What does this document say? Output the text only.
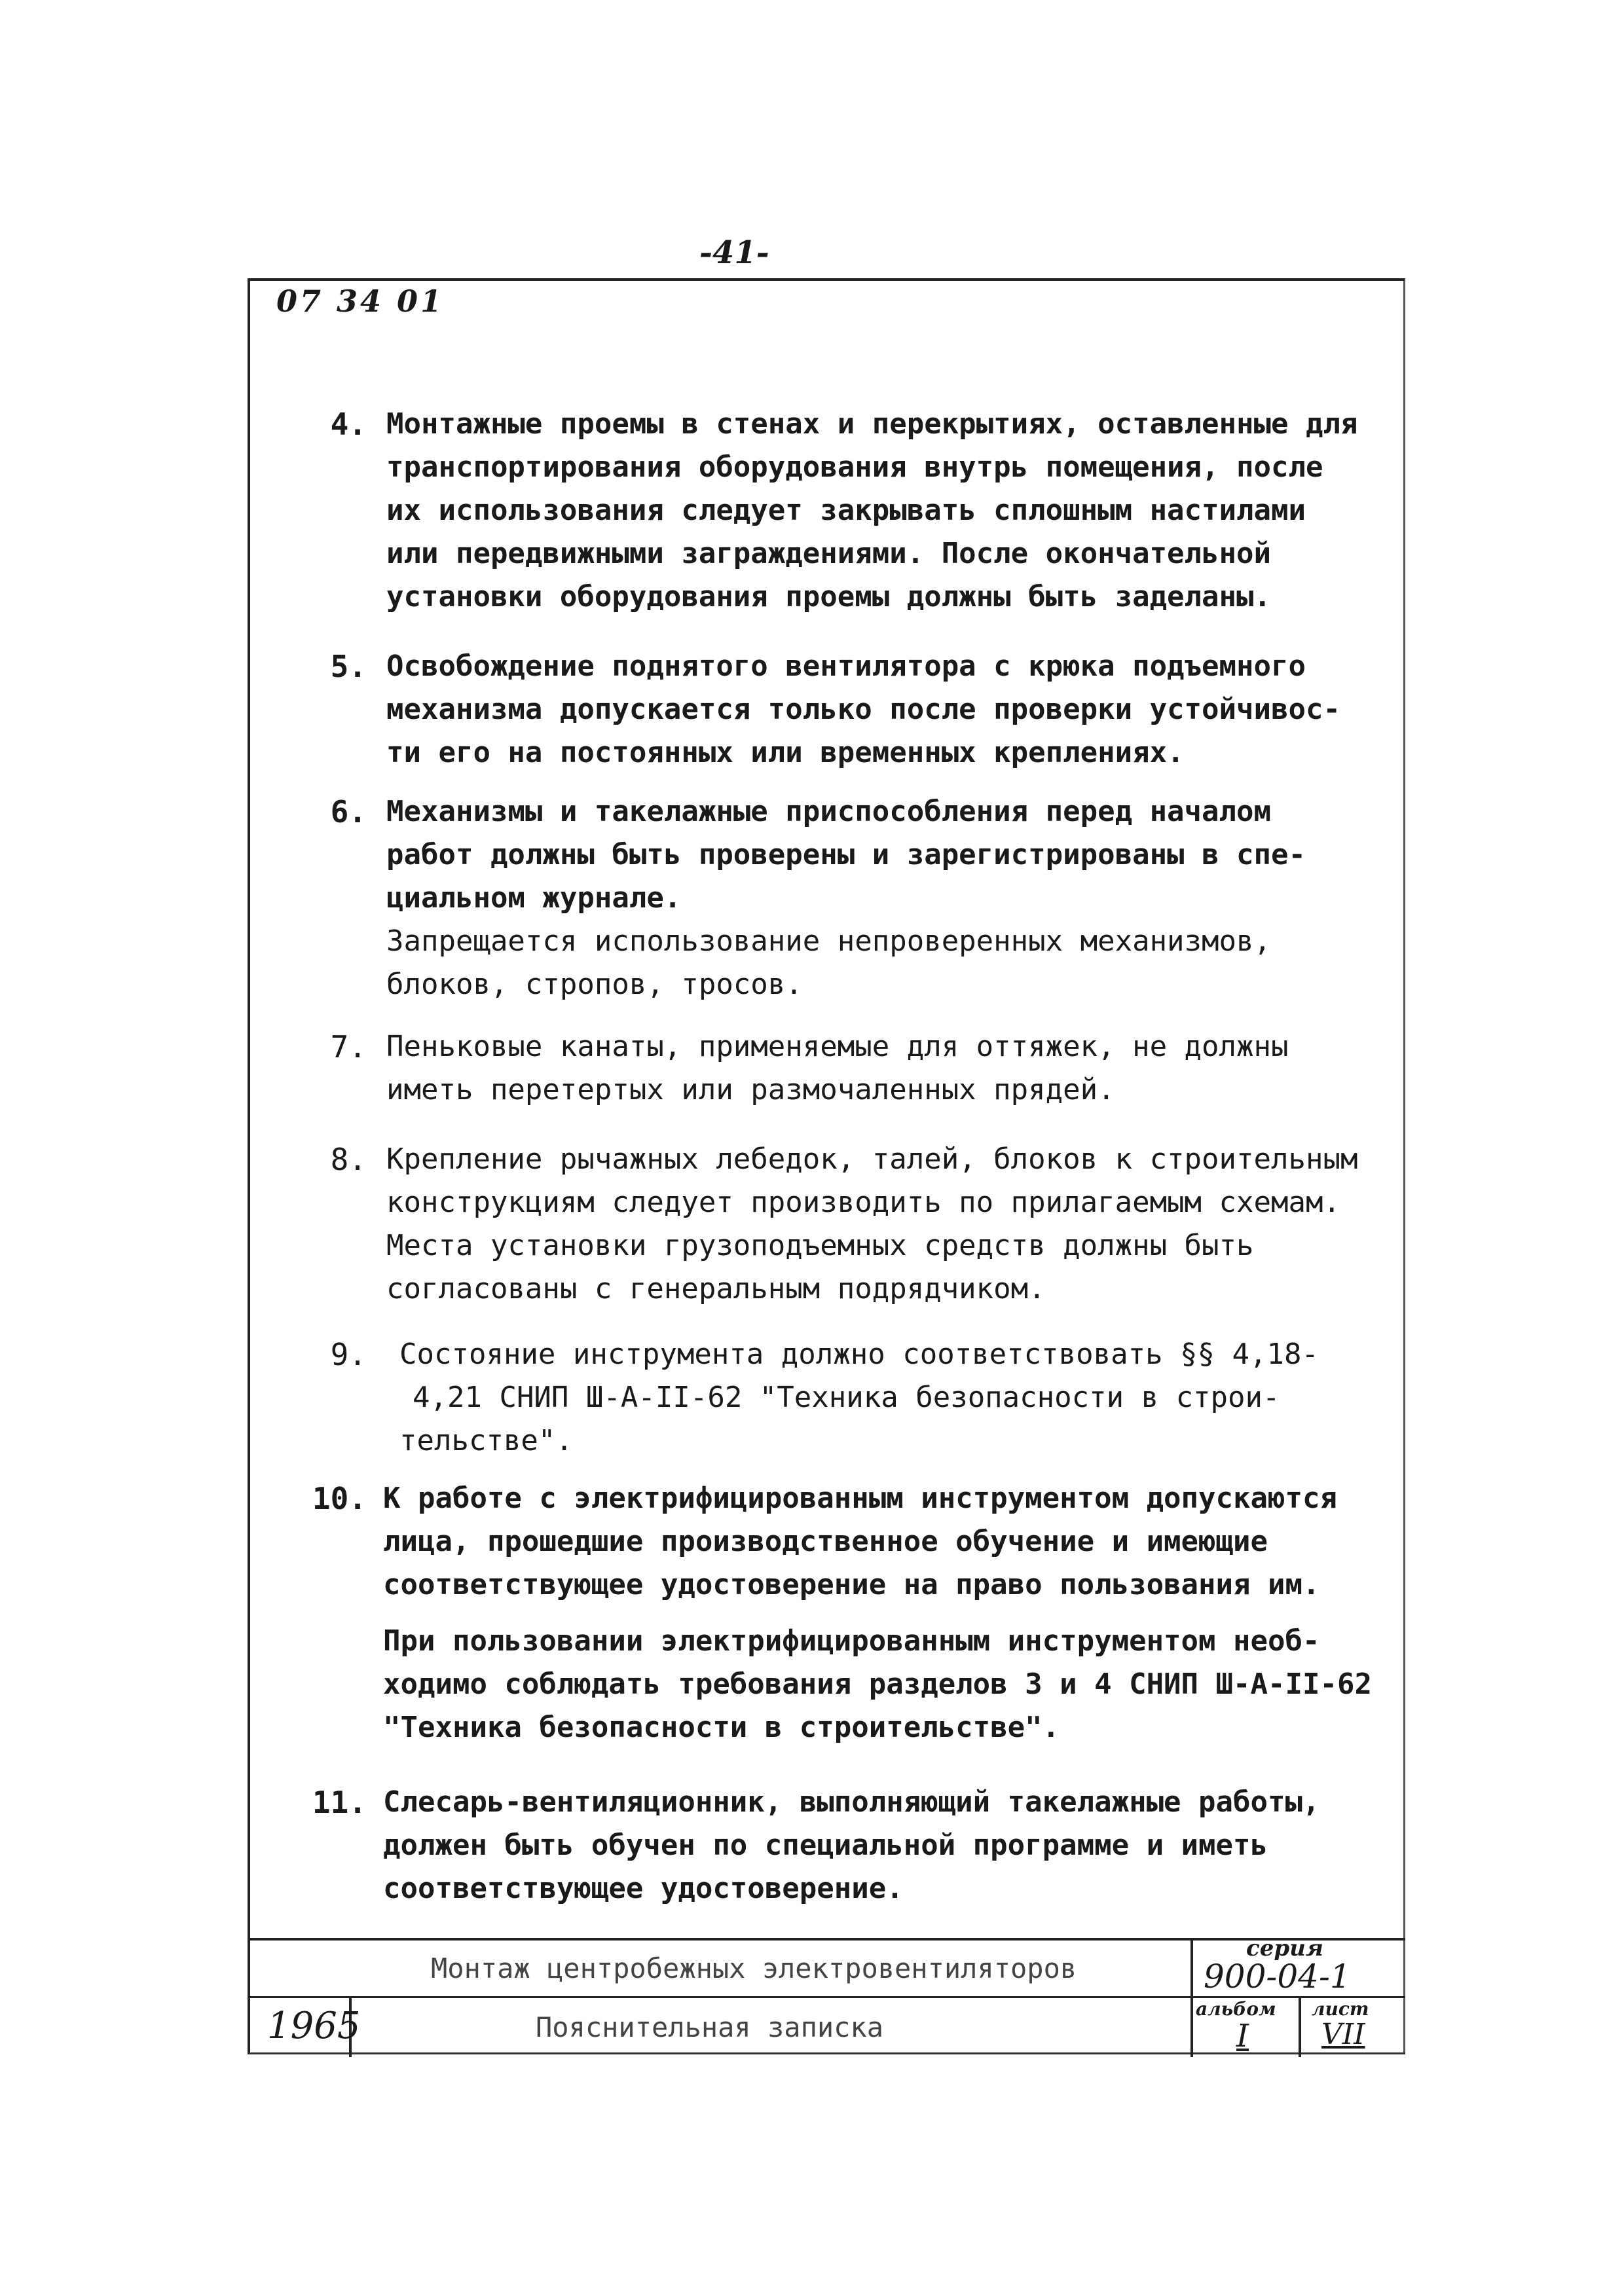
-41-
07 34 01
4. Монтажные проемы в стенах и перекрытиях, оставленные для
транспортирования оборудования внутрь помещения, после
их использования следует закрывать сплошным настилами
или передвижными заграждениями. После окончательной
установки оборудования проемы должны быть заделаны.
5. Освобождение поднятого вентилятора с крюка подъемного
механизма допускается только после проверки устойчивос-
ти его на постоянных или временных креплениях.
6. Механизмы и такелажные приспособления перед началом
работ должны быть проверены и зарегистрированы в спе-
циальном журнале.
Запрещается использование непроверенных механизмов,
блоков, стропов, тросов.
7. Пеньковые канаты, применяемые для оттяжек, не должны
иметь перетертых или размочаленных прядей.
8. Крепление рычажных лебедок, талей, блоков к строительным
конструкциям следует производить по прилагаемым схемам.
Места установки грузоподъемных средств должны быть
согласованы с генеральным подрядчиком.
9. Состояние инструмента должно соответствовать §§ 4,18-
4,21 СНИП Ш-А-II-62 "Техника безопасности в строи-
тельстве".
10. К работе с электрифицированным инструментом допускаются
лица, прошедшие производственное обучение и имеющие
соответствующее удостоверение на право пользования им.
При пользовании электрифицированным инструментом необ-
ходимо соблюдать требования разделов 3 и 4 СНИП Ш-А-II-62
"Техника безопасности в строительстве".
11. Слесарь-вентиляционник, выполняющий такелажные работы,
должен быть обучен по специальной программе и иметь
соответствующее удостоверение.
Монтаж центробежных электровентиляторов
Пояснительная записка
1965
серия
900-04-1
альбом
I
лист
VII
